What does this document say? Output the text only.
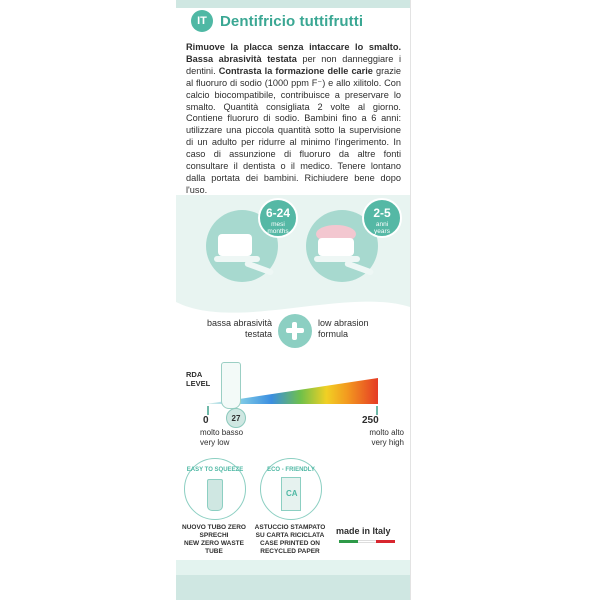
IT Dentifricio tuttifrutti
Rimuove la placca senza intaccare lo smalto. Bassa abrasività testata per non danneggiare i dentini. Contrasta la formazione delle carie grazie al fluoruro di sodio (1000 ppm F⁻) e allo xilitolo. Con calcio biocompatibile, contribuisce a preservare lo smalto. Quantità consigliata 2 volte al giorno. Contiene fluoruro di sodio. Bambini fino a 6 anni: utilizzare una piccola quantità sotto la supervisione di un adulto per ridurre al minimo l'ingerimento. In caso di assunzione di fluoruro da altre fonti consultare il dentista o il medico. Tenere lontano dalla portata dei bambini. Richiudere bene dopo l'uso.
6-24
mesi
months
2-5
anni
years
bassa abrasività testata
low abrasion formula
RDA LEVEL
0	27	250
molto basso
very low
molto alto
very high
EASY TO SQUEEZE	ECO - FRIENDLY
CA
NUOVO TUBO ZERO SPRECHI
NEW ZERO WASTE TUBE
ASTUCCIO STAMPATO SU CARTA RICICLATA
CASE PRINTED ON RECYCLED PAPER
made in Italy
